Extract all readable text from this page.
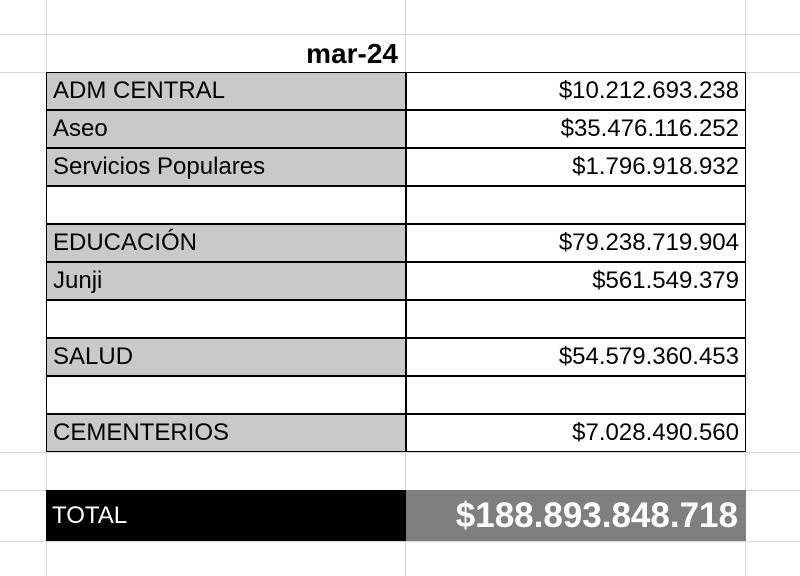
mar-24
ADM CENTRAL	$10.212.693.238
Aseo	$35.476.116.252
Servicios Populares	$1.796.918.932
EDUCACIÓN	$79.238.719.904
Junji	$561.549.379
SALUD	$54.579.360.453
CEMENTERIOS	$7.028.490.560
TOTAL	$188.893.848.718
